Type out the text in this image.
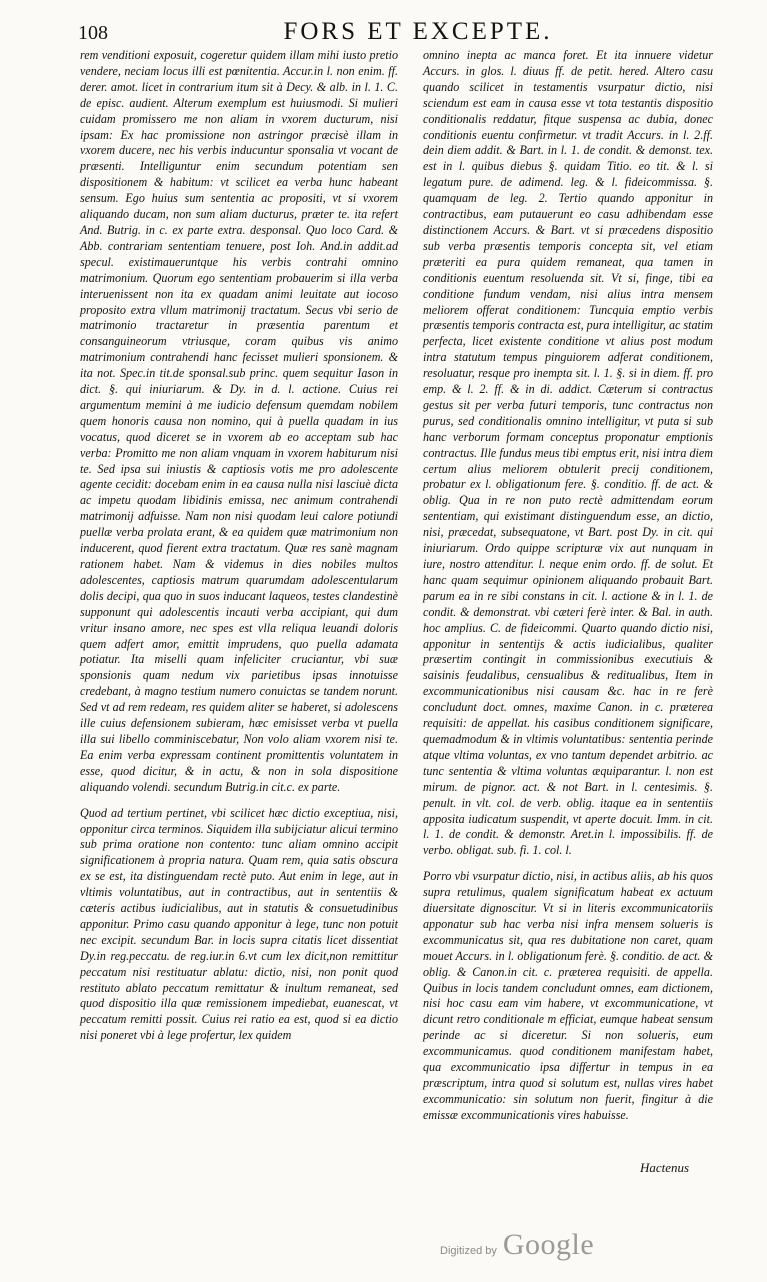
108	FORS ET EXCEPTE.

rem venditioni exposuit, cogeretur quidem illam mihi iusto pretio vendere, neciam locus illi est pœnitentia. Accur.in l. non enim. ff. derer. amot. licet in contrarium itum sit à Decy. & alb. in l. 1. C. de episc. audient. Alterum exemplum est huiusmodi. Si mulieri cuidam promissero me non aliam in vxorem ducturum, nisi ipsam: Ex hac promissione non astringor præcisè illam in vxorem ducere, nec his verbis inducuntur sponsalia vt vocant de præsenti. Intelliguntur enim secundum potentiam sen dispositionem & habitum: vt scilicet ea verba hunc habeant sensum. Ego huius sum sententia ac propositi, vt si vxorem aliquando ducam, non sum aliam ducturus, præter te. ita refert And. Butrig. in c. ex parte extra. desponsal. Quo loco Card. & Abb. contrariam sententiam tenuere, post Ioh. And.in addit.ad specul. existimaueruntque his verbis contrahi omnino matrimonium. Quorum ego sententiam probauerim si illa verba interuenissent non ita ex quadam animi leuitate aut iocoso proposito extra vllum matrimonij tractatum. Secus vbi serio de matrimonio tractaretur in præsentia parentum et consanguineorum vtriusque, coram quibus vis animo matrimonium contrahendi hanc fecisset mulieri sponsionem. & ita not. Spec.in tit.de sponsal.sub princ. quem sequitur Iason in dict. §. qui iniuriarum. & Dy. in d. l. actione. Cuius rei argumentum memini à me iudicio defensum quemdam nobilem quem honoris causa non nomino, qui à puella quadam in ius vocatus, quod diceret se in vxorem ab eo acceptam sub hac verba: Promitto me non aliam vnquam in vxorem habiturum nisi te. Sed ipsa sui iniustis & captiosis votis me pro adolescente agente cecidit: docebam enim in ea causa nulla nisi lasciuè dicta ac impetu quodam libidinis emissa, nec animum contrahendi matrimonij adfuisse. Nam non nisi quodam leui calore potiundi puellæ verba prolata erant, & ea quidem quæ matrimonium non inducerent, quod fierent extra tractatum. Quæ res sanè magnam rationem habet. Nam & videmus in dies nobiles multos adolescentes, captiosis matrum quarumdam adolescentularum dolis decipi, qua quo in suos inducant laqueos, testes clandestinè supponunt qui adolescentis incauti verba accipiant, qui dum vritur insano amore, nec spes est vlla reliqua leuandi doloris quem adfert amor, emittit imprudens, quo puella adamata potiatur. Ita miselli quam infeliciter cruciantur, vbi suæ sponsionis quam nedum vix parietibus ipsas innotuisse credebant, à magno testium numero conuictas se tandem norunt. Sed vt ad rem redeam, res quidem aliter se haberet, si adolescens ille cuius defensionem subieram, hæc emisisset verba vt puella illa sui libello comminiscebatur, Non volo aliam vxorem nisi te. Ea enim verba expressam continent promittentis voluntatem in esse, quod dicitur, & in actu, & non in sola dispositione aliquando volendi. secundum Butrig.in cit.c. ex parte.

Quod ad tertium pertinet, vbi scilicet hæc dictio exceptiua, nisi, opponitur circa terminos. Siquidem illa subijciatur alicui termino sub prima oratione non contento: tunc aliam omnino accipit significationem à propria natura. Quam rem, quia satis obscura ex se est, ita distinguendam rectè puto. Aut enim in lege, aut in vltimis voluntatibus, aut in contractibus, aut in sententiis & cæteris actibus iudicialibus, aut in statutis & consuetudinibus apponitur. Primo casu quando apponitur à lege, tunc non potuit nec excipit. secundum Bar. in locis supra citatis licet dissentiat Dy.in reg.peccatu. de reg.iur.in 6.vt cum lex dicit,non remittitur peccatum nisi restituatur ablatu: dictio, nisi, non ponit quod restituto ablato peccatum remittatur & inultum remaneat, sed quod dispositio illa quæ remissionem impediebat, euanescat, vt peccatum remitti possit. Cuius rei ratio ea est, quod si ea dictio nisi poneret vbi à lege profertur, lex quidem

omnino inepta ac manca foret. Et ita innuere videtur Accurs. in glos. l. diuus ff. de petit. hered. Altero casu quando scilicet in testamentis vsurpatur dictio, nisi sciendum est eam in causa esse vt tota testantis dispositio conditionalis reddatur, fitque suspensa ac dubia, donec conditionis euentu confirmetur. vt tradit Accurs. in l. 2.ff. dein diem addit. & Bart. in l. 1. de condit. & demonst. tex. est in l. quibus diebus §. quidam Titio. eo tit. & l. si legatum pure. de adimend. leg. & l. fideicommissa. §. quamquam de leg. 2. Tertio quando apponitur in contractibus, eam putauerunt eo casu adhibendam esse distinctionem Accurs. & Bart. vt si præcedens dispositio sub verba præsentis temporis concepta sit, vel etiam præteriti ea pura quidem remaneat, qua tamen in conditionis euentum resoluenda sit. Vt si, finge, tibi ea conditione fundum vendam, nisi alius intra mensem meliorem offerat conditionem: Tuncquia emptio verbis præsentis temporis contracta est, pura intelligitur, ac statim perfecta, licet existente conditione vt alius post modum intra statutum tempus pinguiorem adferat conditionem, resoluatur, resque pro inempta sit. l. 1. §. si in diem. ff. pro emp. & l. 2. ff. & in di. addict. Cæterum si contractus gestus sit per verba futuri temporis, tunc contractus non purus, sed conditionalis omnino intelligitur, vt puta si sub hanc verborum formam conceptus proponatur emptionis contractus. Ille fundus meus tibi emptus erit, nisi intra diem certum alius meliorem obtulerit precij conditionem, probatur ex l. obligationum fere. §. conditio. ff. de act. & oblig. Qua in re non puto rectè admittendam eorum sententiam, qui existimant distinguendum esse, an dictio, nisi, præcedat, subsequatone, vt Bart. post Dy. in cit. qui iniuriarum. Ordo quippe scripturæ vix aut nunquam in iure, nostro attenditur. l. neque enim ordo. ff. de solut. Et hanc quam sequimur opinionem aliquando probauit Bart. parum ea in re sibi constans in cit. l. actione & in l. 1. de condit. & demonstrat. vbi cæteri ferè inter. & Bal. in auth. hoc amplius. C. de fideicommi. Quarto quando dictio nisi, apponitur in sententijs & actis iudicialibus, qualiter præsertim contingit in commissionibus executiuis & saisinis feudalibus, censualibus & reditualibus, Item in excommunicationibus nisi causam &c. hac in re ferè concludunt doct. omnes, maxime Canon. in c. præterea requisiti: de appellat. his casibus conditionem significare, quemadmodum & in vltimis voluntatibus: sententia perinde atque vltima voluntas, ex vno tantum dependet arbitrio. ac tunc sententia & vltima voluntas æquiparantur. l. non est mirum. de pignor. act. & not Bart. in l. centesimis. §. penult. in vlt. col. de verb. oblig. itaque ea in sententiis apposita iudicatum suspendit, vt aperte docuit. Imm. in cit. l. 1. de condit. & demonstr. Aret.in l. impossibilis. ff. de verbo. obligat. sub. fi. 1. col. l.

Porro vbi vsurpatur dictio, nisi, in actibus aliis, ab his quos supra retulimus, qualem significatum habeat ex actuum diuersitate dignoscitur. Vt si in literis excommunicatoriis apponatur sub hac verba nisi infra mensem solueris is excommunicatus sit, qua res dubitatione non caret, quam mouet Accurs. in l. obligationum ferè. §. conditio. de act. & oblig. & Canon.in cit. c. præterea requisiti. de appella. Quibus in locis tandem concludunt omnes, eam dictionem, nisi hoc casu eam vim habere, vt excommunicatione, vt dicunt retro conditionale m efficiat, eumque habeat sensum perinde ac si diceretur. Si non solueris, eum excommunicamus. quod conditionem manifestam habet, qua excommunicatio ipsa differtur in tempus in ea præscriptum, intra quod si solutum est, nullas vires habet excommunicatio: sin solutum non fuerit, fingitur à die emissæ excommunicationis vires habuisse.

Hactenus
Digitized by Google
